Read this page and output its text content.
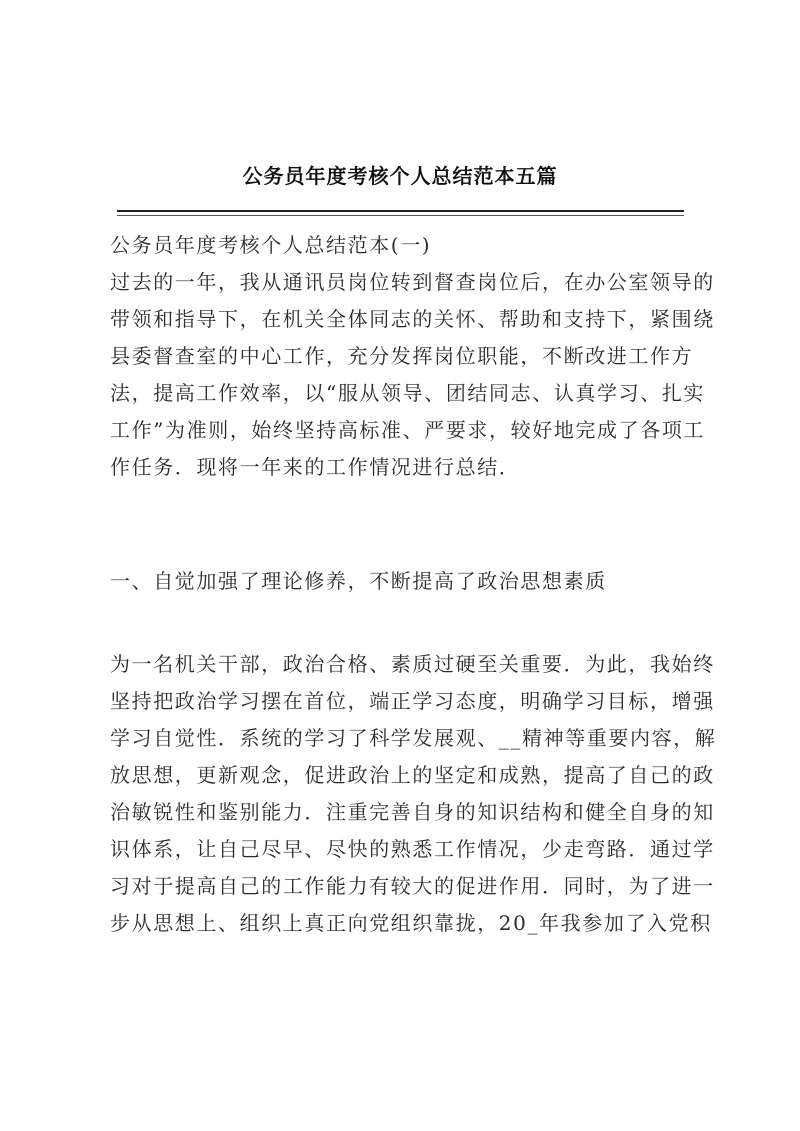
公务员年度考核个人总结范本五篇
公务员年度考核个人总结范本(一)
过去的一年，我从通讯员岗位转到督查岗位后，在办公室领导的
带领和指导下，在机关全体同志的关怀、帮助和支持下，紧围绕
县委督查室的中心工作，充分发挥岗位职能，不断改进工作方
法，提高工作效率，以“服从领导、团结同志、认真学习、扎实
工作”为准则，始终坚持高标准、严要求，较好地完成了各项工
作任务．现将一年来的工作情况进行总结．
一、自觉加强了理论修养，不断提高了政治思想素质
为一名机关干部，政治合格、素质过硬至关重要．为此，我始终
坚持把政治学习摆在首位，端正学习态度，明确学习目标，增强
学习自觉性．系统的学习了科学发展观、__精神等重要内容，解
放思想，更新观念，促进政治上的坚定和成熟，提高了自己的政
治敏锐性和鉴别能力．注重完善自身的知识结构和健全自身的知
识体系，让自己尽早、尽快的熟悉工作情况，少走弯路．通过学
习对于提高自己的工作能力有较大的促进作用．同时，为了进一
步从思想上、组织上真正向党组织靠拢，20_年我参加了入党积
